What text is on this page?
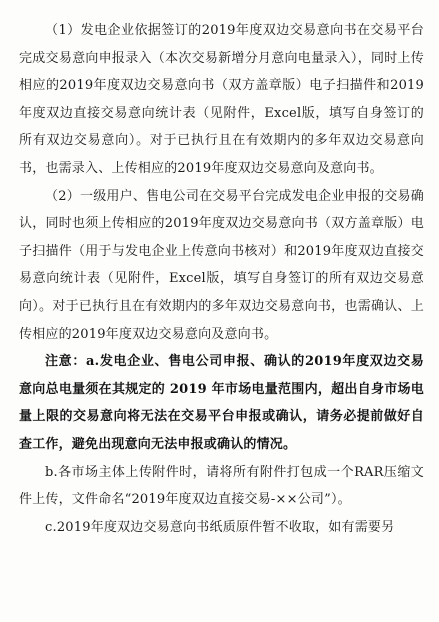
（1）发电企业依据签订的2019年度双边交易意向书在交易平台完成交易意向申报录入（本次交易新增分月意向电量录入），同时上传相应的2019年度双边交易意向书（双方盖章版）电子扫描件和2019年度双边直接交易意向统计表（见附件，Excel版，填写自身签订的所有双边交易意向）。对于已执行且在有效期内的多年双边交易意向书，也需录入、上传相应的2019年度双边交易意向及意向书。

（2）一级用户、售电公司在交易平台完成发电企业申报的交易确认，同时也须上传相应的2019年度双边交易意向书（双方盖章版）电子扫描件（用于与发电企业上传意向书核对）和2019年度双边直接交易意向统计表（见附件，Excel版，填写自身签订的所有双边交易意向）。对于已执行且在有效期内的多年双边交易意向书，也需确认、上传相应的2019年度双边交易意向及意向书。

注意：a.发电企业、售电公司申报、确认的2019年度双边交易意向总电量须在其规定的 2019 年市场电量范围内，超出自身市场电量上限的交易意向将无法在交易平台申报或确认，请务必提前做好自查工作，避免出现意向无法申报或确认的情况。

b.各市场主体上传附件时，请将所有附件打包成一个RAR压缩文件上传，文件命名“2019年度双边直接交易-××公司”）。

c.2019年度双边交易意向书纸质原件暂不收取，如有需要另
